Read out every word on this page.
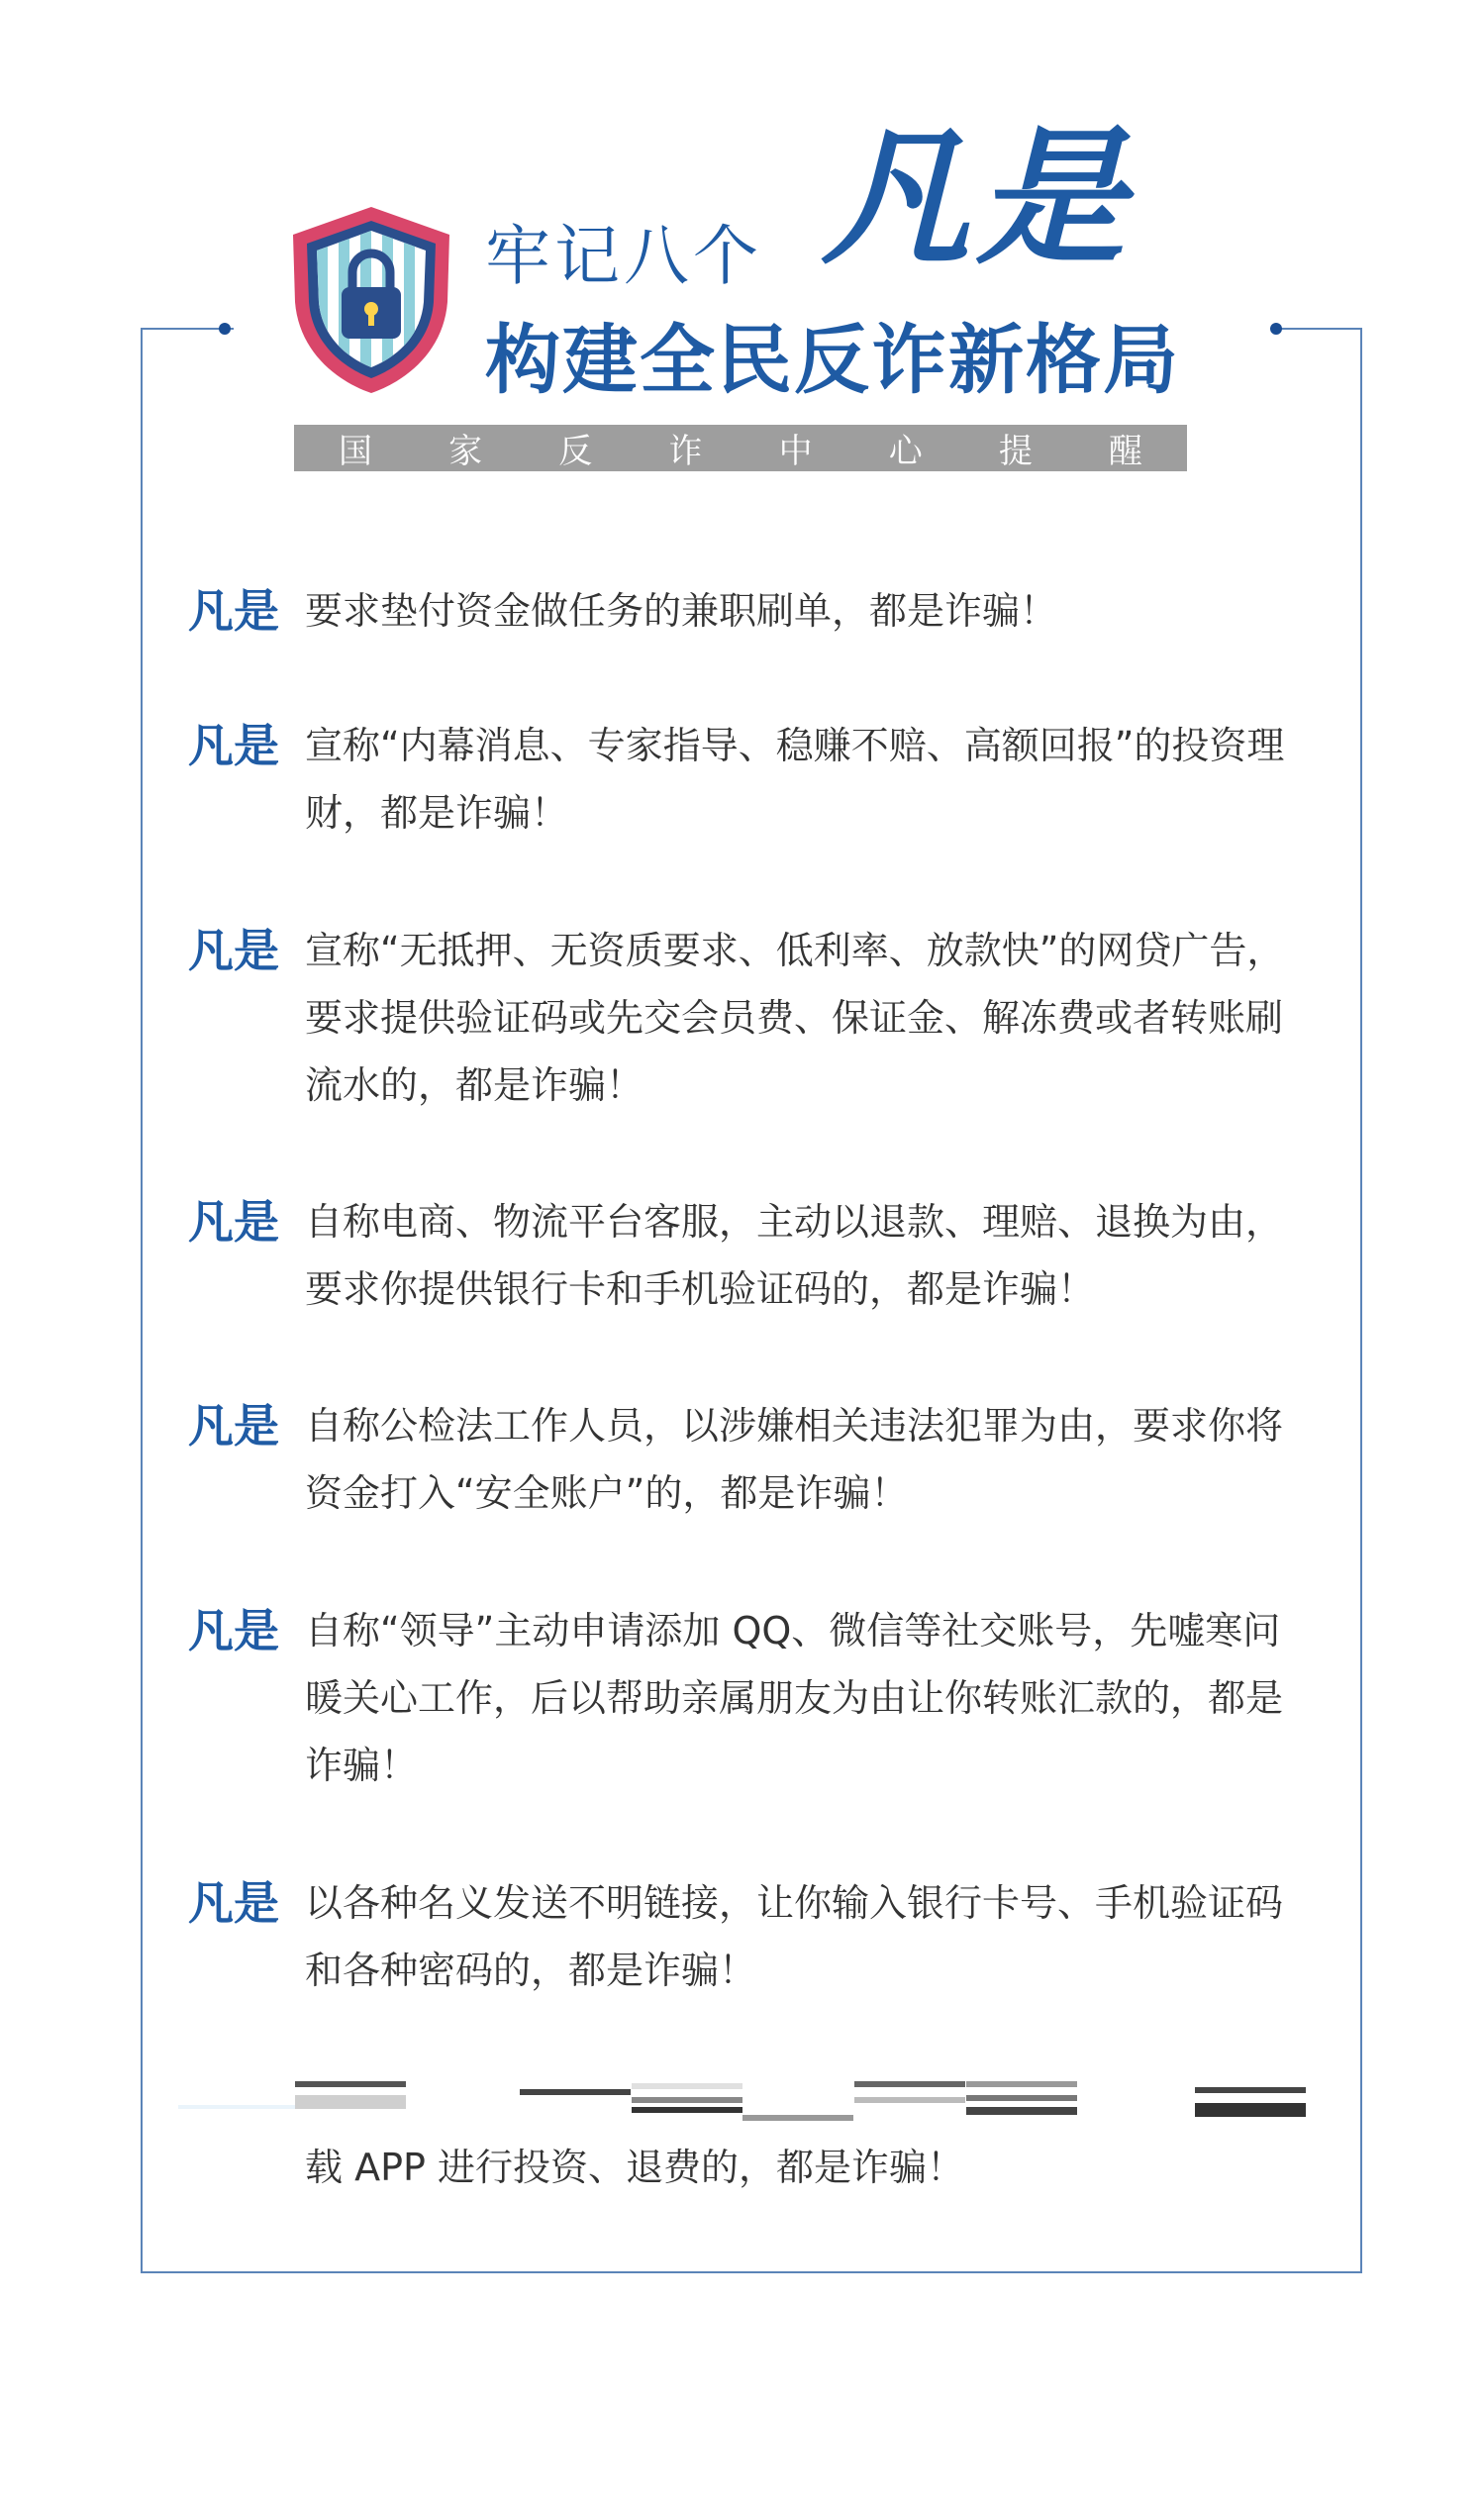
牢记八个 凡是
构建全民反诈新格局
国 家 反 诈 中 心 提 醒
凡是 要求垫付资金做任务的兼职刷单，都是诈骗！
凡是 宣称“内幕消息、专家指导、稳赚不赔、高额回报”的投资理财，都是诈骗！
凡是 宣称“无抵押、无资质要求、低利率、放款快”的网贷广告，要求提供验证码或先交会员费、保证金、解冻费或者转账刷流水的，都是诈骗！
凡是 自称电商、物流平台客服，主动以退款、理赔、退换为由，要求你提供银行卡和手机验证码的，都是诈骗！
凡是 自称公检法工作人员，以涉嫌相关违法犯罪为由，要求你将资金打入“安全账户”的，都是诈骗！
凡是 自称“领导”主动申请添加 QQ、微信等社交账号，先嘘寒问暖关心工作，后以帮助亲属朋友为由让你转账汇款的，都是诈骗！
凡是 以各种名义发送不明链接，让你输入银行卡号、手机验证码和各种密码的，都是诈骗！
载 APP 进行投资、退费的，都是诈骗！
